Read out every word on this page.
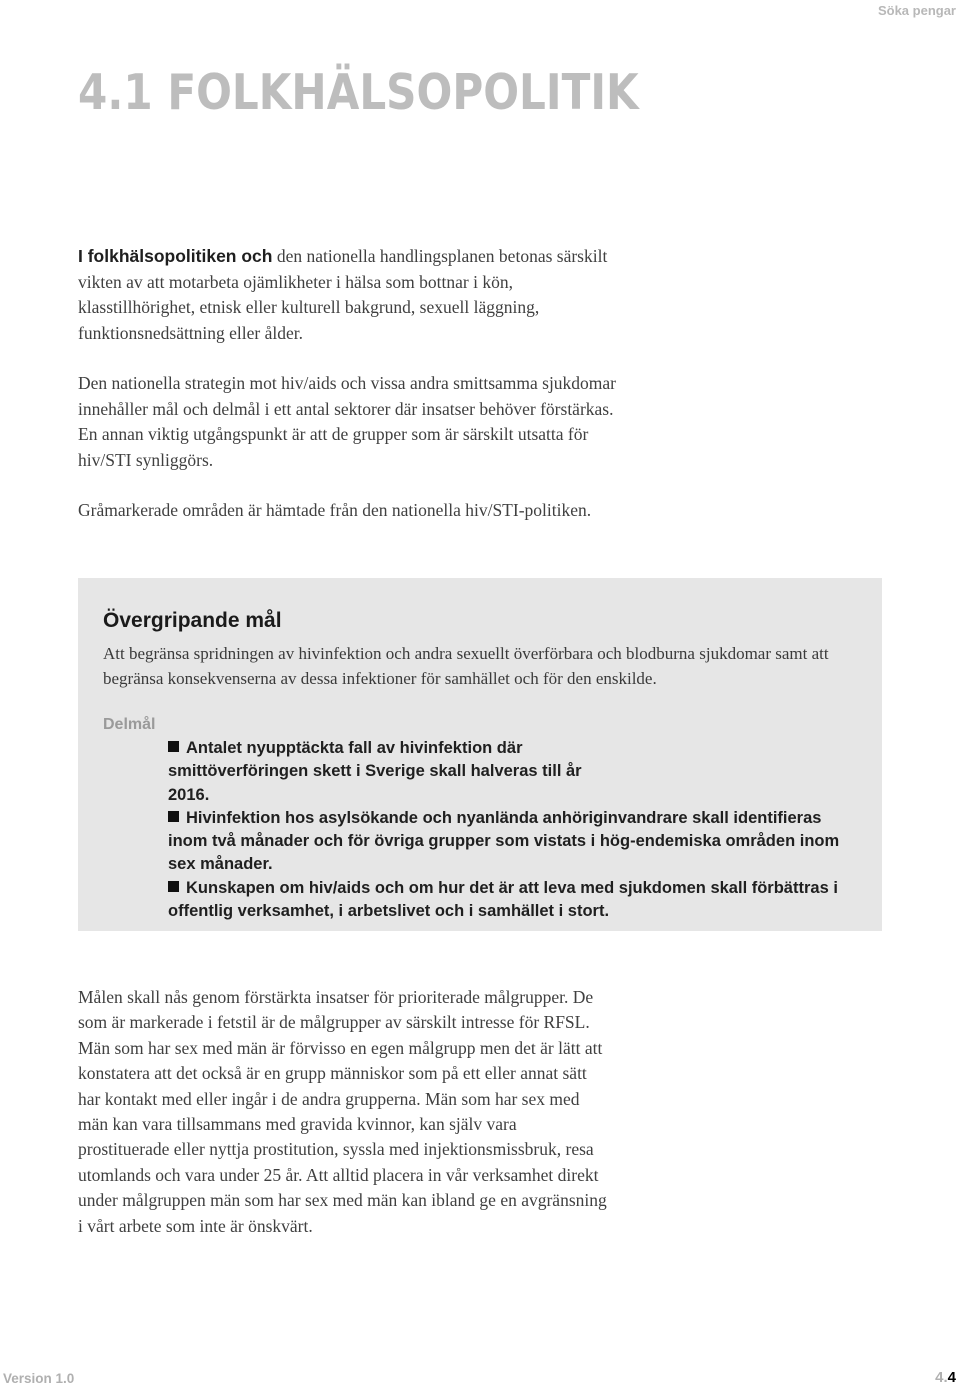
Söka pengar
4.1 FOLKHÄLSOPOLITIK

I folkhälsopolitiken och den nationella handlingsplanen betonas särskilt vikten av att motarbeta ojämlikheter i hälsa som bottnar i kön, klasstillhörighet, etnisk eller kulturell bakgrund, sexuell läggning, funktionsnedsättning eller ålder.

Den nationella strategin mot hiv/aids och vissa andra smittsamma sjukdomar innehåller mål och delmål i ett antal sektorer där insatser behöver förstärkas. En annan viktig utgångspunkt är att de grupper som är särskilt utsatta för hiv/STI synliggörs.

Gråmarkerade områden är hämtade från den nationella hiv/STI-politiken.

Övergripande mål

Att begränsa spridningen av hivinfektion och andra sexuellt överförbara och blodburna sjukdomar samt att begränsa konsekvenserna av dessa infektioner för samhället och för den enskilde.

Delmål
Antalet nyupptäckta fall av hivinfektion där smittöverföringen skett i Sverige skall halveras till år 2016.
Hivinfektion hos asylsökande och nyanlända anhöriginvandrare skall identifieras inom två månader och för övriga grupper som vistats i hög-endemiska områden inom sex månader.
Kunskapen om hiv/aids och om hur det är att leva med sjukdomen skall förbättras i offentlig verksamhet, i arbetslivet och i samhället i stort.

Målen skall nås genom förstärkta insatser för prioriterade målgrupper. De som är markerade i fetstil är de målgrupper av särskilt intresse för RFSL. Män som har sex med män är förvisso en egen målgrupp men det är lätt att konstatera att det också är en grupp människor som på ett eller annat sätt har kontakt med eller ingår i de andra grupperna. Män som har sex med män kan vara tillsammans med gravida kvinnor, kan själv vara prostituerade eller nyttja prostitution, syssla med injektionsmissbruk, resa utomlands och vara under 25 år. Att alltid placera in vår verksamhet direkt under målgruppen män som har sex med män kan ibland ge en avgränsning i vårt arbete som inte är önskvärt.

Version 1.0	4.4
